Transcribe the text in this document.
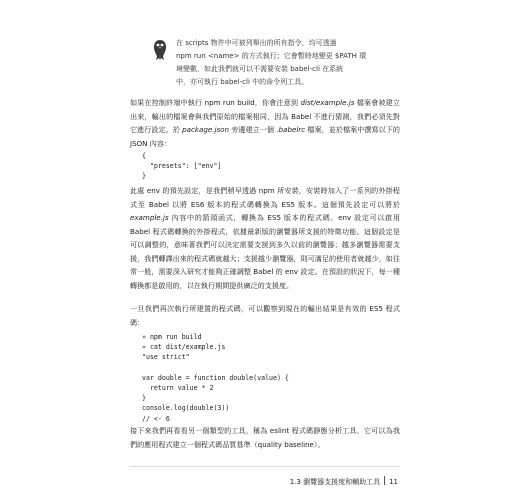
在 scripts 物件中可被列舉出的所有指令，均可透過
npm run <name> 的方式執行；它會暫時地變更 $PATH 環
境變數，如此我們就可以不需要安裝 babel-cli 在系統
中，亦可執行 babel-cli 中的命令列工具。

如果在控制終端中執行 npm run build，你會注意到 dist/example.js 檔案會被建立出來，輸出的檔案會與我們原始的檔案相同，因為 Babel 不進行猜測，我們必須先對它進行設定。於 package.json 旁邊建立一個 .babelrc 檔案，並於檔案中撰寫以下的 JSON 內容：

{
"presets": ["env"]
}

此處 env 的預先設定，是我們稍早透過 npm 所安裝，安裝時加入了一系列的外掛程式至 Babel 以將 ES6 版本的程式碼轉換為 ES5 版本。這個預先設定可以將於 example.js 內容中的箭頭函式，轉換為 ES5 版本的程式碼。env 設定可以啟用 Babel 程式碼轉換的外掛程式，依據最新版的瀏覽器所支援的特徵功能。這個設定是可以調整的，意味著我們可以決定需要支援到多久以前的瀏覽器；越多瀏覽器需要支援，我們轉譯出來的程式碼就越大；支援越少瀏覽器，則可滿足的使用者就越少，如往常一般，需要深入研究才能夠正確調整 Babel 的 env 設定。在預設的狀況下，每一種轉換都是啟用的，以在執行期間提供廣泛的支援度。

一旦我們再次執行所建置的程式碼，可以觀察到現在的輸出結果是有效的 ES5 程式碼：

» npm run build
» cat dist/example.js
"use strict"

var double = function double(value) {
return value * 2
}
console.log(double(3))
// <- 6

接下來我們再看看另一個類型的工具，稱為 eslint 程式碼靜態分析工具，它可以為我們的應用程式建立一個程式碼品質基準（quality baseline）。

1.3 瀏覽器支援度和輔助工具 11
